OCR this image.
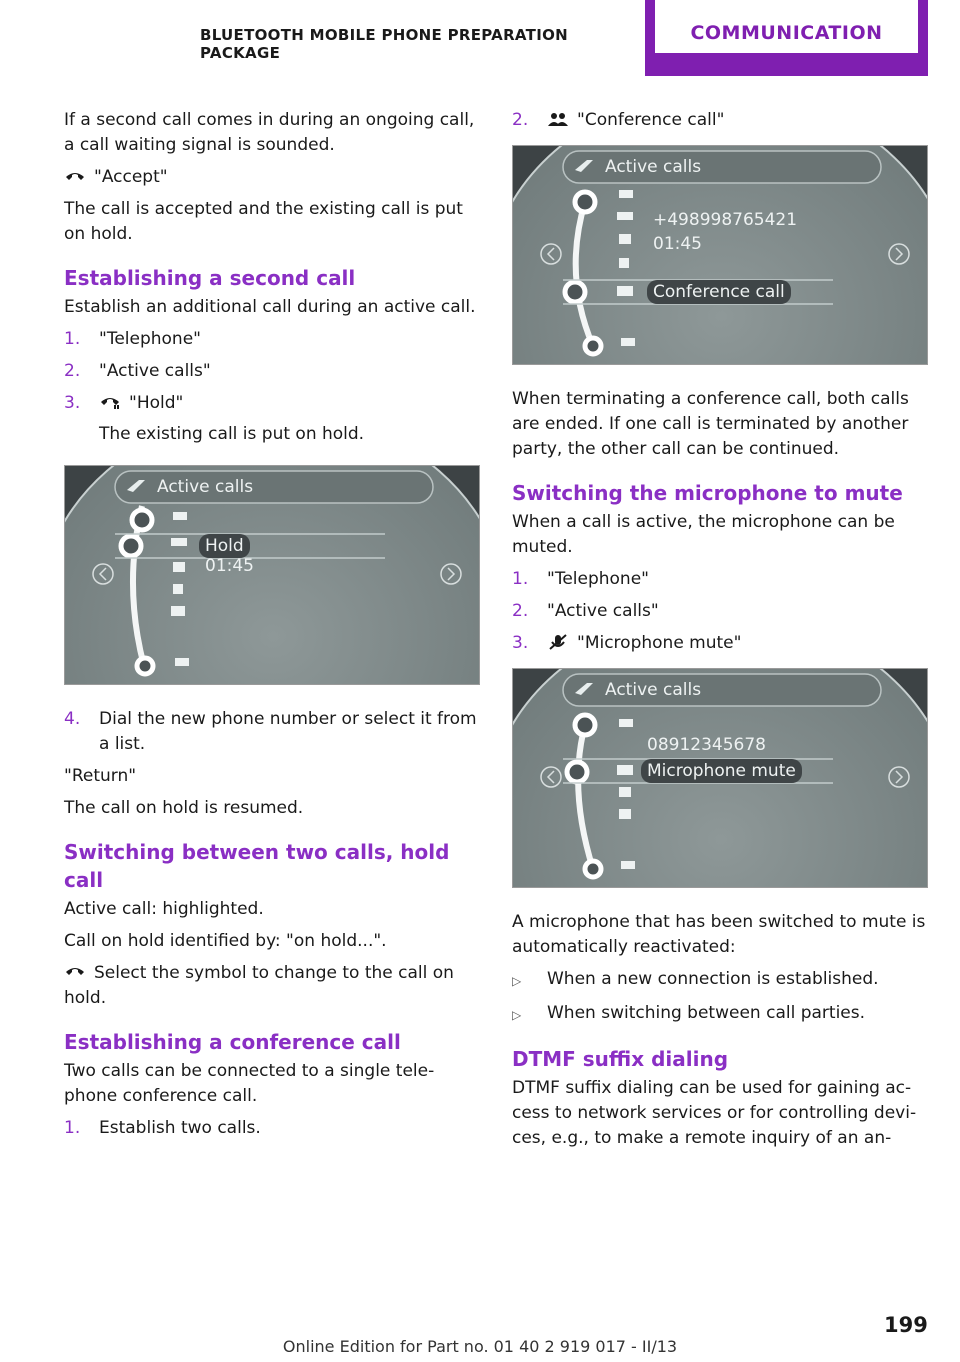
BLUETOOTH MOBILE PHONE PREPARATION PACKAGE
COMMUNICATION

If a second call comes in during an ongoing call, a call waiting signal is sounded.

"Accept"

The call is accepted and the existing call is put on hold.

Establishing a second call

Establish an additional call during an active call.

1.	"Telephone"
2.	"Active calls"
3.	"Hold"
The existing call is put on hold.
Active calls
Hold
01:45
4.	Dial the new phone number or select it from a list.

"Return"

The call on hold is resumed.

Switching between two calls, hold call

Active call: highlighted.

Call on hold identified by: "on hold...".

Select the symbol to change to the call on hold.

Establishing a conference call

Two calls can be connected to a single tele‐phone conference call.

1.	Establish two calls.
2.	"Conference call"
Active calls
+498998765421
01:45
Conference call

When terminating a conference call, both calls are ended. If one call is terminated by another party, the other call can be continued.

Switching the microphone to mute

When a call is active, the microphone can be muted.

1.	"Telephone"
2.	"Active calls"
3.	"Microphone mute"
Active calls
08912345678
Microphone mute

A microphone that has been switched to mute is automatically reactivated:

▷	When a new connection is established.
▷	When switching between call parties.
DTMF suffix dialing

DTMF suffix dialing can be used for gaining ac‐cess to network services or for controlling devi‐ces, e.g., to make a remote inquiry of an an‐

199
Online Edition for Part no. 01 40 2 919 017 - II/13
